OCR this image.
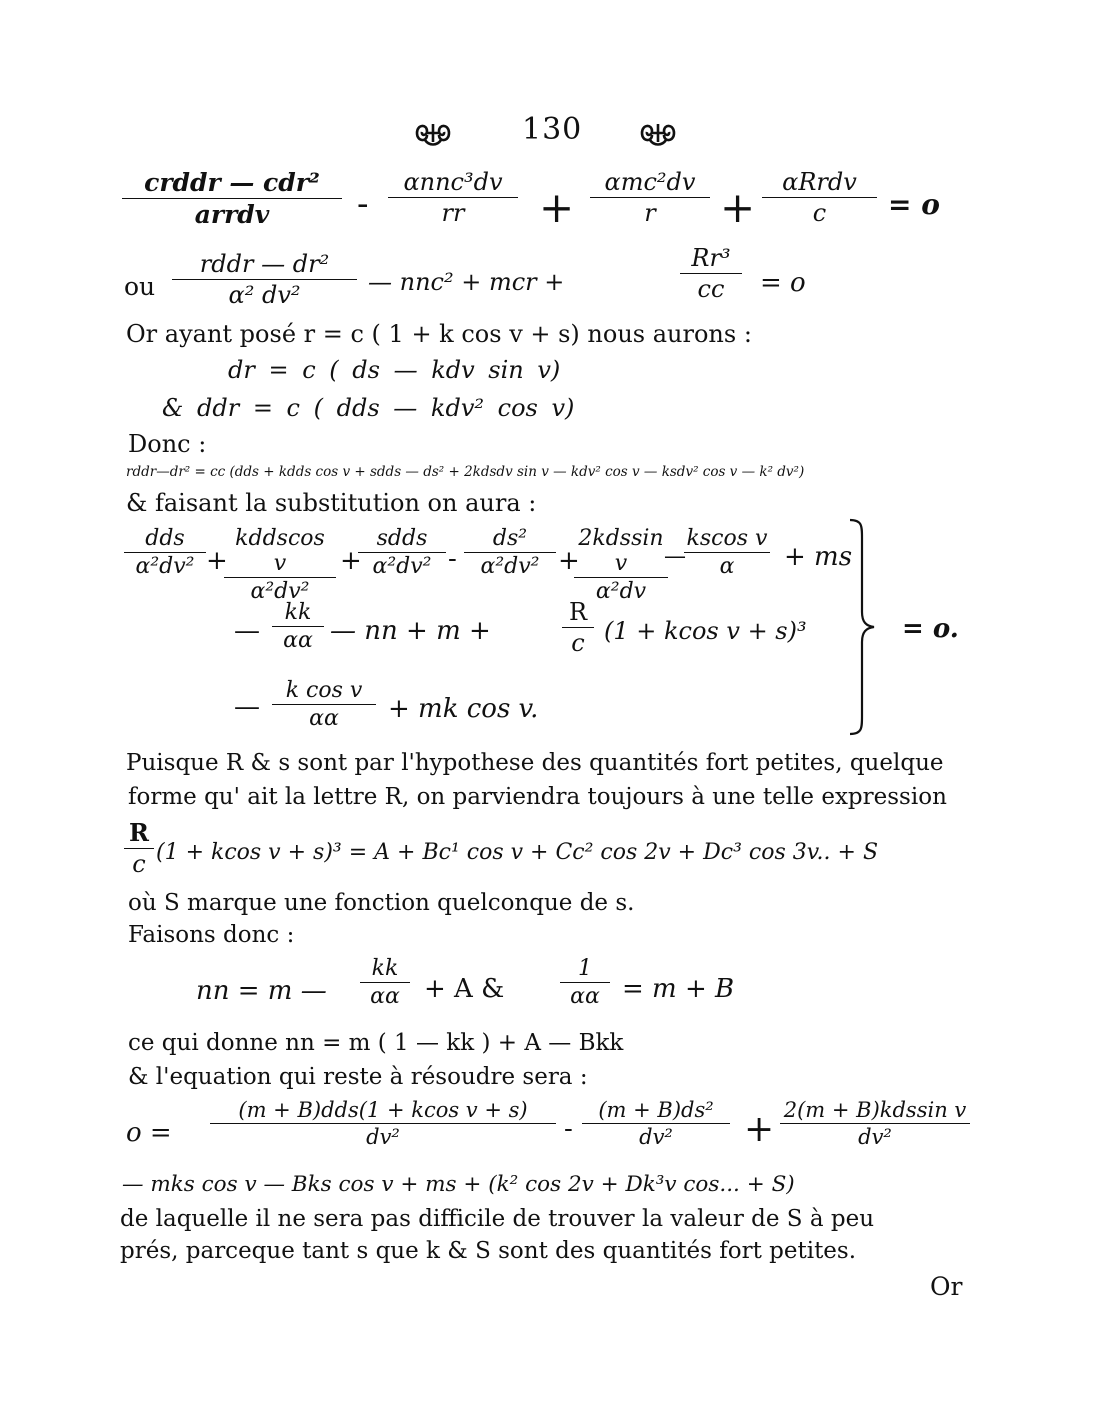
130
crddr — cdr²
arrdv	-
αnnc³dv
rr	+
αmc²dv
r	+
αRrdv
c	= o
ou
rddr — dr²
α² dv²	— nnc² + mcr +
Rr³
cc	= o
Or ayant posé r = c ( 1 + k cos v + s) nous aurons :
dr = c ( ds — kdv sin v)
& ddr = c ( dds — kdv² cos v)
Donc :
rddr—dr² = cc (dds + kdds cos v + sdds — ds² + 2kdsdv sin v — kdv² cos v — ksdv² cos v — k² dv²)
& faisant la substitution on aura :
dds
α²dv² +
kddscos v
α²dv²
+
sdds
α²dv² -
ds²
α²dv² +
2kdssin v
α²dv
—
kscos v
α	+ ms
—
kk
αα — nn + m +
R
c (1 + kcos v + s)³
—
k cos v
αα	+ mk cos v.
= o.
Puisque R & s sont par l'hypothese des quantités fort petites, quelque
forme qu' ait la lettre R, on parviendra toujours à une telle expression
R
c (1 + kcos v + s)³ = A + Bc¹ cos v + Cc² cos 2v + Dc³ cos 3v.. + S
où S marque une fonction quelconque de s.
Faisons donc :
nn = m —
kk
αα + A &
1
αα = m + B
ce qui donne nn = m ( 1 — kk ) + A — Bkk
& l'equation qui reste à résoudre sera :
o =
(m + B)dds(1 + kcos v + s)
dv²	-
(m + B)ds²
dv²	+ 2(m + B)kdssin v
dv²
— mks cos v — Bks cos v + ms + (k² cos 2v + Dk³v cos... + S)
de laquelle il ne sera pas difficile de trouver la valeur de S à peu
prés, parceque tant s que k & S sont des quantités fort petites.
Or
